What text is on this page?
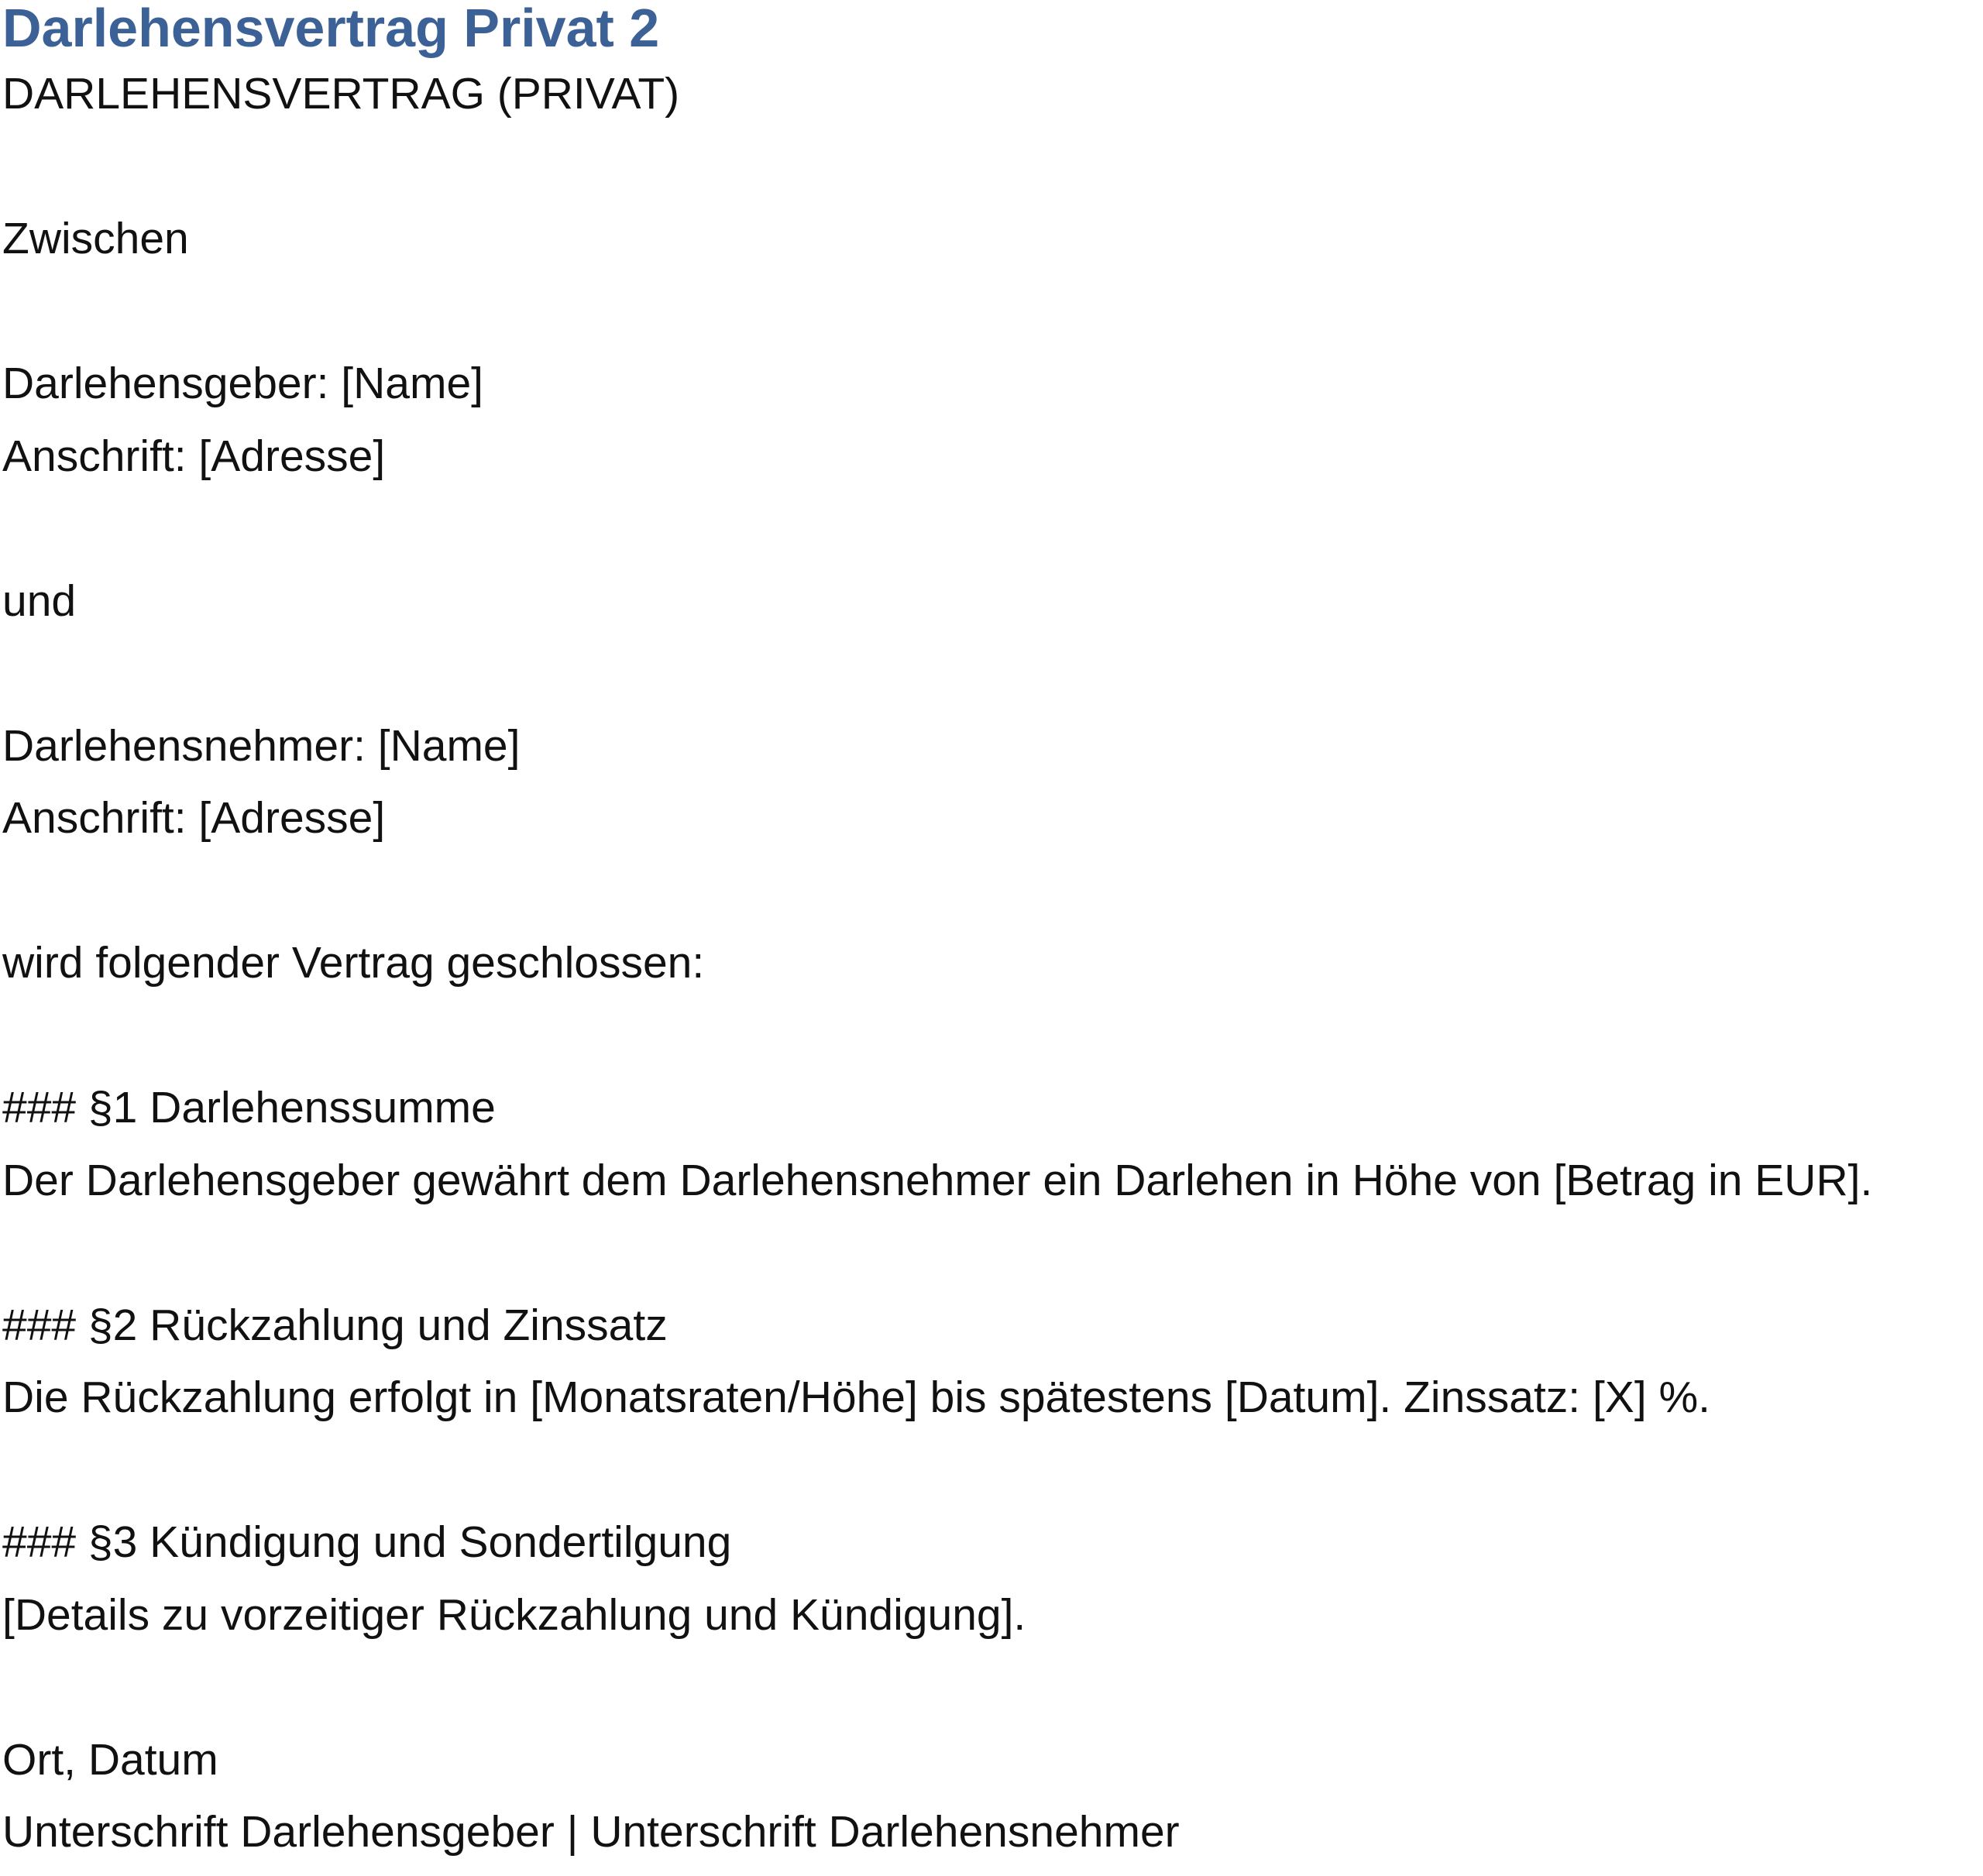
Darlehensvertrag Privat 2

DARLEHENSVERTRAG (PRIVAT)

Zwischen

Darlehensgeber: [Name]

Anschrift: [Adresse]

und

Darlehensnehmer: [Name]

Anschrift: [Adresse]

wird folgender Vertrag geschlossen:

### §1 Darlehenssumme

Der Darlehensgeber gewährt dem Darlehensnehmer ein Darlehen in Höhe von [Betrag in EUR].

### §2 Rückzahlung und Zinssatz

Die Rückzahlung erfolgt in [Monatsraten/Höhe] bis spätestens [Datum]. Zinssatz: [X] %.

### §3 Kündigung und Sondertilgung

[Details zu vorzeitiger Rückzahlung und Kündigung].

Ort, Datum

Unterschrift Darlehensgeber | Unterschrift Darlehensnehmer
